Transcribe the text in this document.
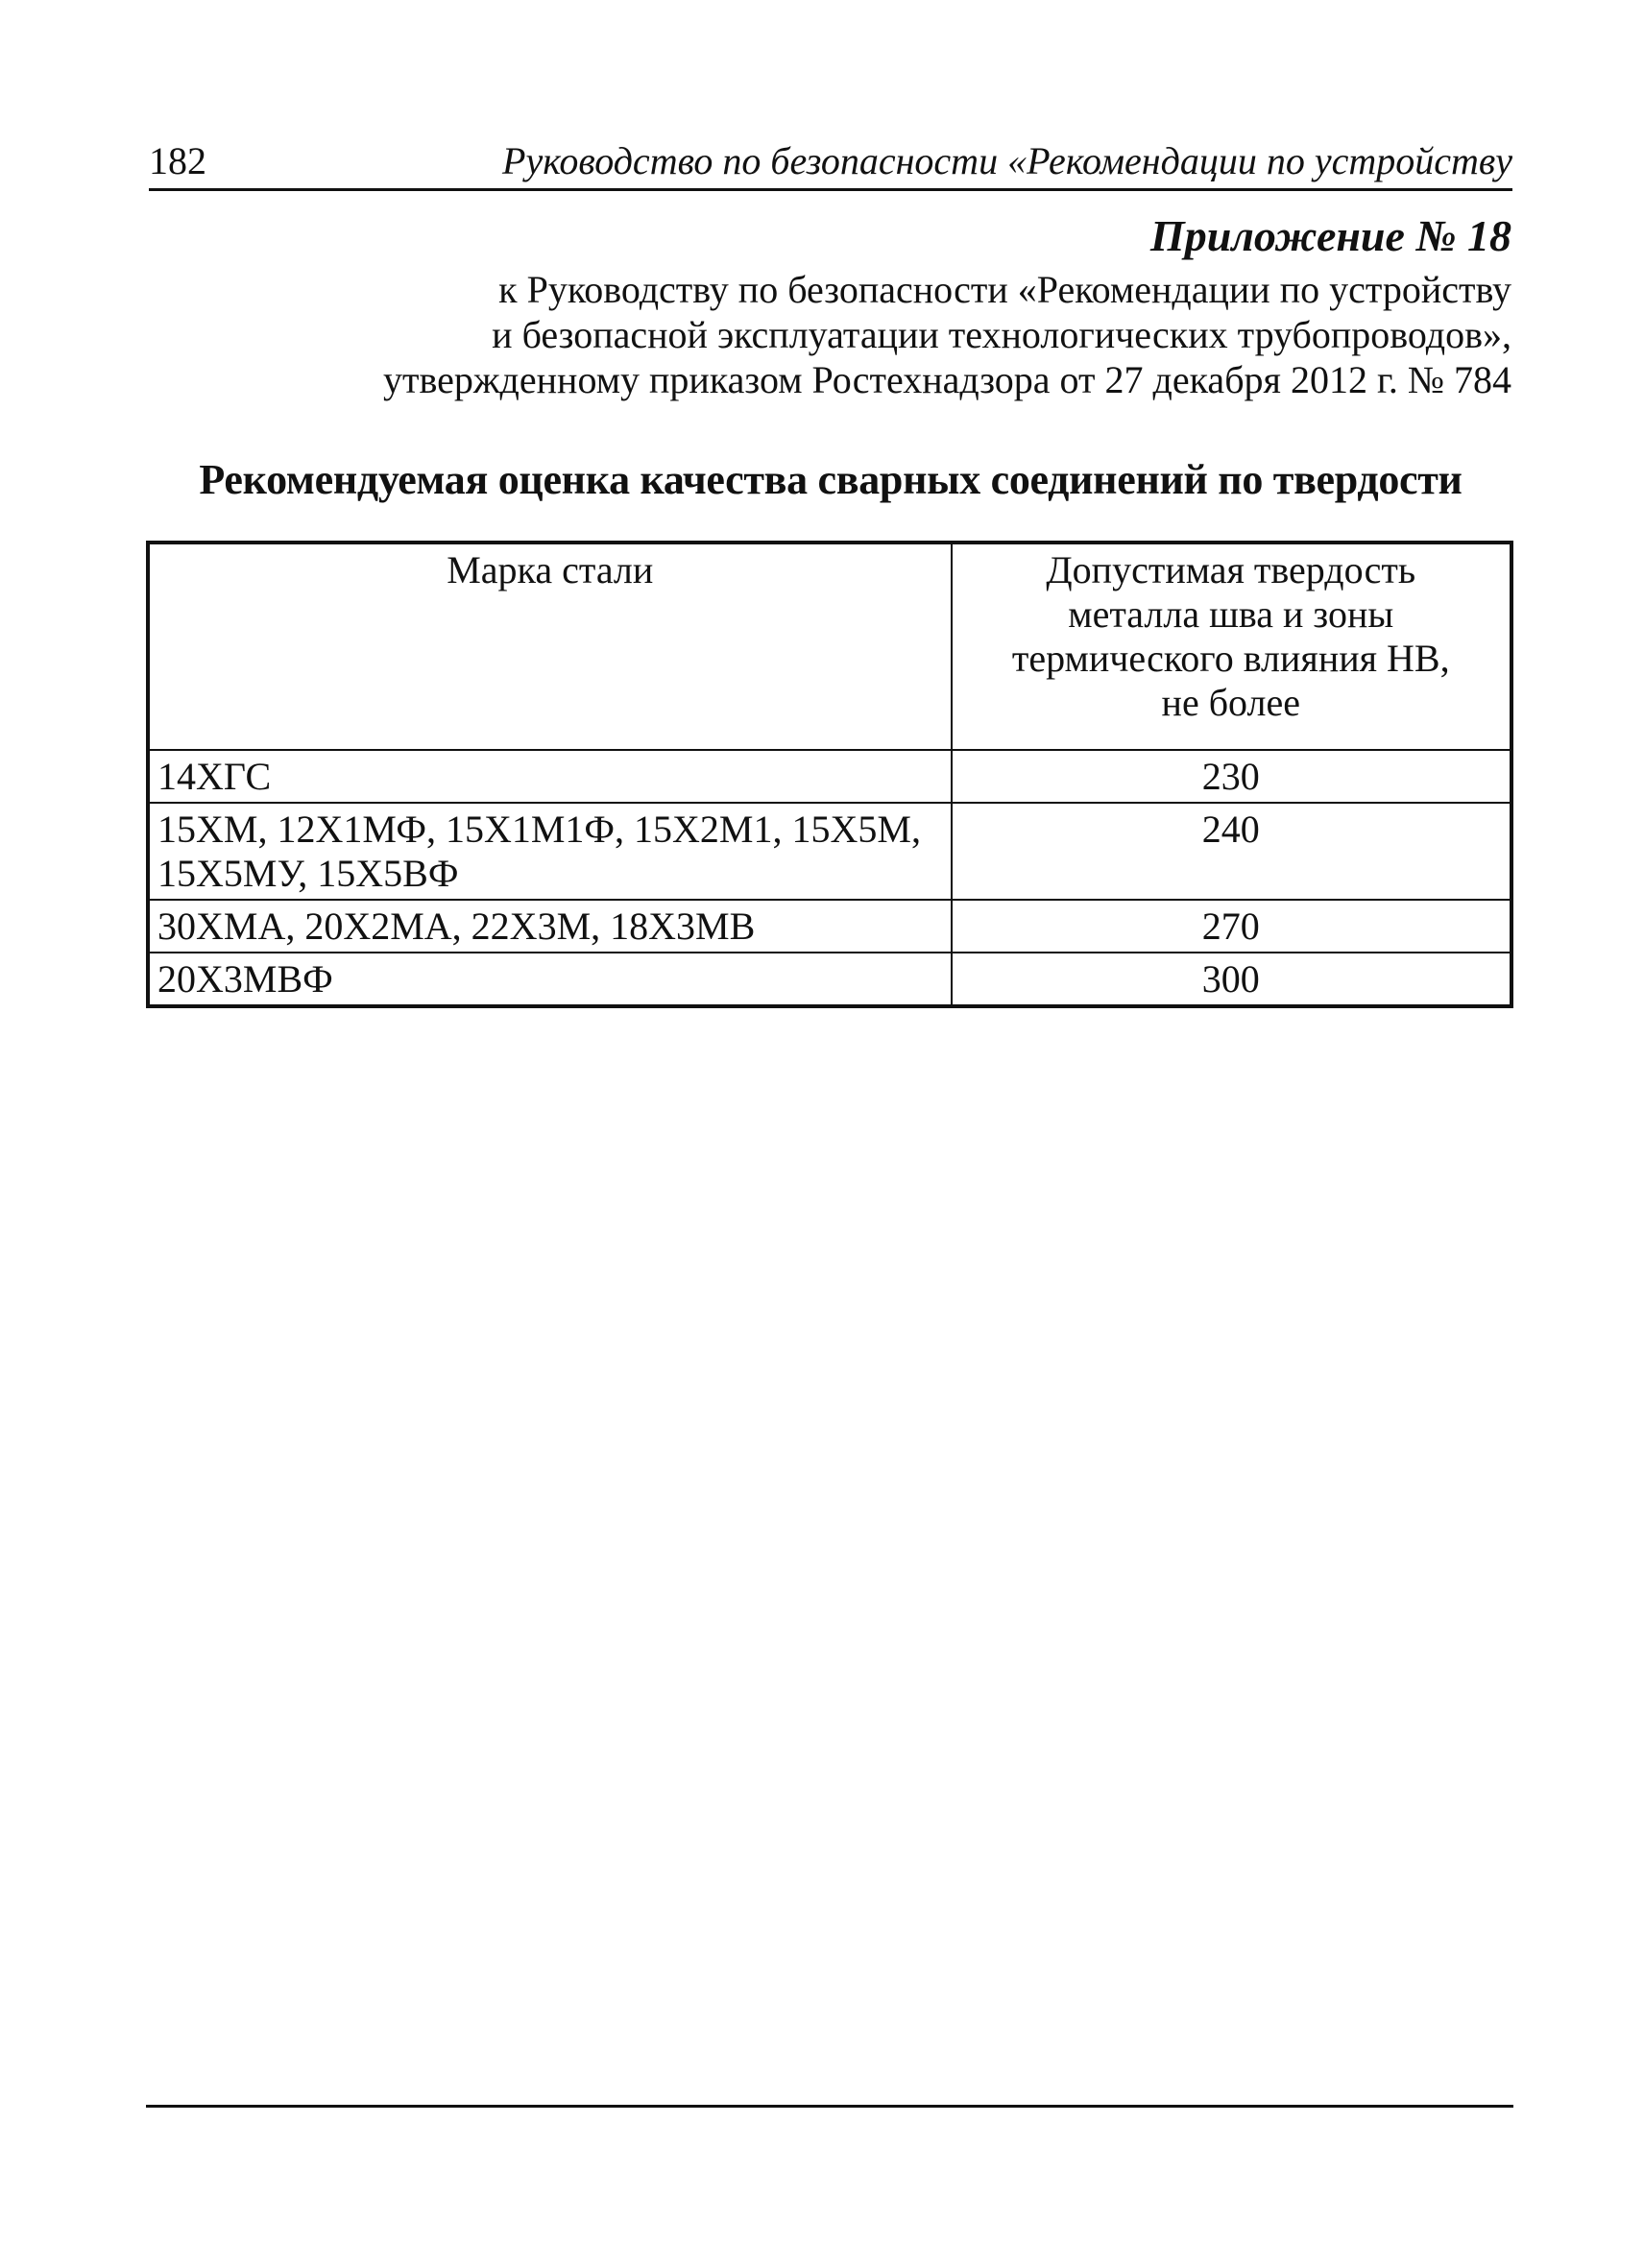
182	Руководство по безопасности «Рекомендации по устройству
Приложение № 18
к Руководству по безопасности «Рекомендации по устройству
и безопасной эксплуатации технологических трубопроводов»,
утвержденному приказом Ростехнадзора от 27 декабря 2012 г. № 784
Рекомендуемая оценка качества сварных соединений по твердости
Марка стали	Допустимая твердость
металла шва и зоны
термического влияния НВ,
не более

14ХГС	230

15ХМ, 12Х1МФ, 15Х1М1Ф, 15Х2М1, 15Х5М,
15Х5МУ, 15Х5ВФ	240

30ХМА, 20Х2МА, 22Х3М, 18Х3МВ	270

20Х3МВФ	300
